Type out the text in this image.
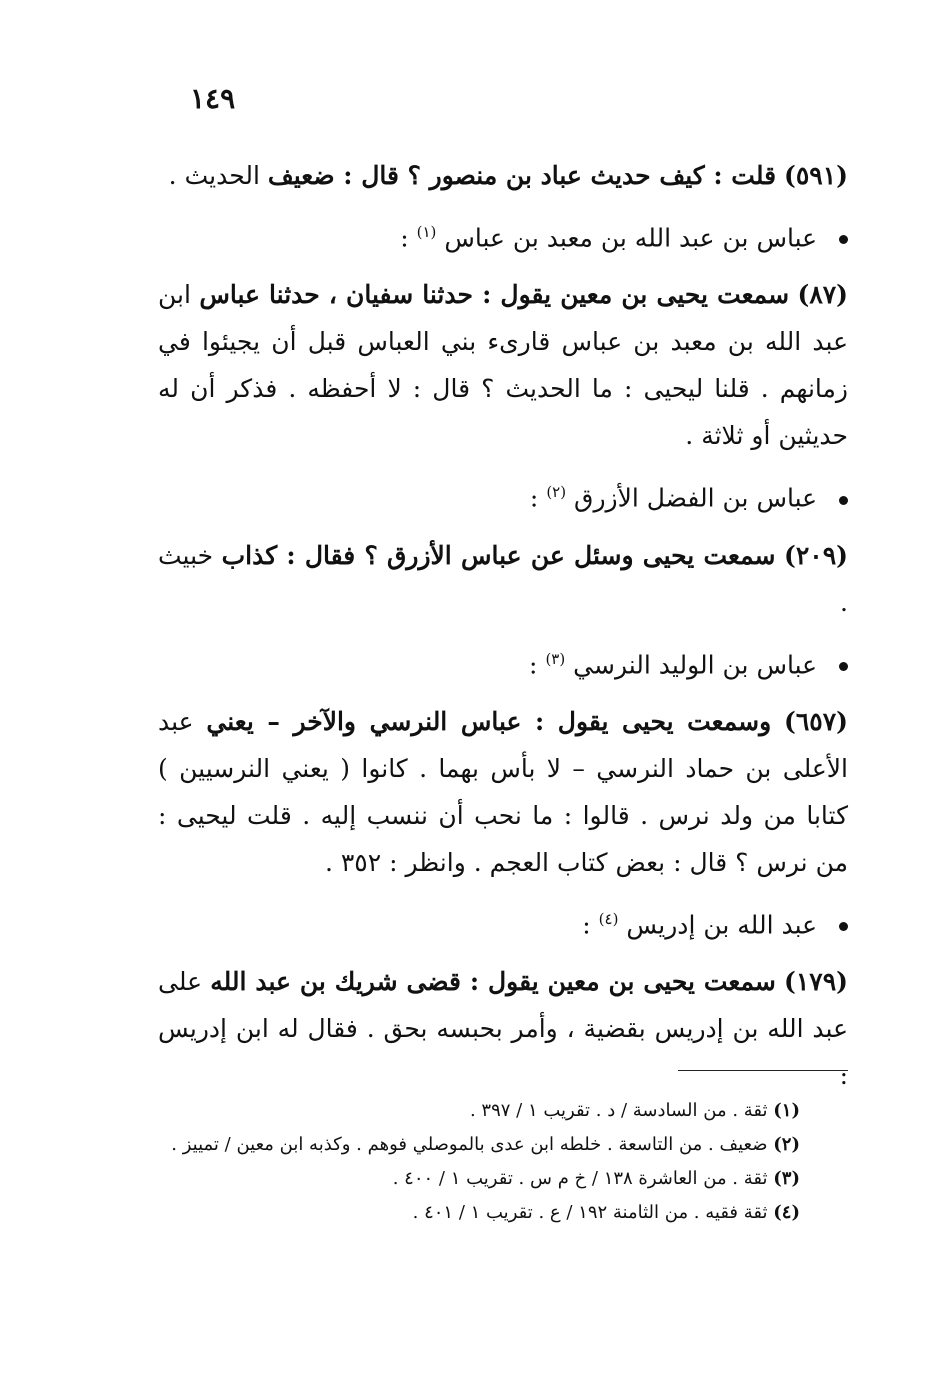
١٤٩

(٥٩١) قلت : كيف حديث عباد بن منصور ؟ قال : ضعيف الحديث .

عباس بن عبد الله بن معبد بن عباس $^{(١)}$ :

(٨٧) سمعت يحيى بن معين يقول : حدثنا سفيان ، حدثنا عباس ابن عبد الله بن معبد بن عباس قارىء بني العباس قبل أن يجيئوا في زمانهم . قلنا ليحيى : ما الحديث ؟ قال : لا أحفظه . فذكر أن له حديثين أو ثلاثة .

عباس بن الفضل الأزرق $^{(٢)}$ :

(٢٠٩) سمعت يحيى وسئل عن عباس الأزرق ؟ فقال : كذاب خبيث .

عباس بن الوليد النرسي $^{(٣)}$ :

(٦٥٧) وسمعت يحيى يقول : عباس النرسي والآخر – يعني عبد الأعلى بن حماد النرسي – لا بأس بهما . كانوا ( يعني النرسيين ) كتابا من ولد نرس . قالوا : ما نحب أن ننسب إليه . قلت ليحيى : من نرس ؟ قال : بعض كتاب العجم . وانظر : ٣٥٢ .

عبد الله بن إدريس $^{(٤)}$ :

(١٧٩) سمعت يحيى بن معين يقول : قضى شريك بن عبد الله على عبد الله بن إدريس بقضية ، وأمر بحبسه بحق . فقال له ابن إدريس :

(١) ثقة . من السادسة / د . تقريب ١ / ٣٩٧ .

(٢) ضعيف . من التاسعة . خلطه ابن عدى بالموصلي فوهم . وكذبه ابن معين / تمييز .

(٣) ثقة . من العاشرة ١٣٨ / خ م س . تقريب ١ / ٤٠٠ .

(٤) ثقة فقيه . من الثامنة ١٩٢ / ع . تقريب ١ / ٤٠١ .
